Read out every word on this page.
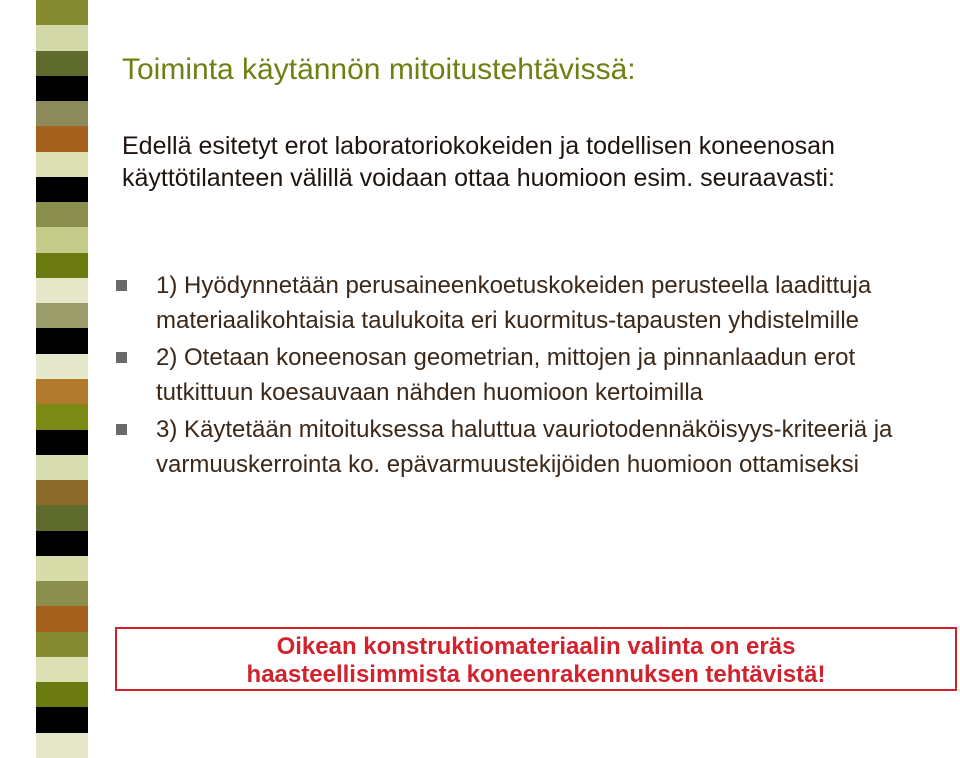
Toiminta käytännön mitoitustehtävissä:

Edellä esitetyt erot laboratoriokokeiden ja todellisen koneenosan käyttötilanteen välillä voidaan ottaa huomioon esim. seuraavasti:

1) Hyödynnetään perusaineenkoetuskokeiden perusteella laadittuja materiaalikohtaisia taulukoita eri kuormitus-tapausten yhdistelmille
2) Otetaan koneenosan geometrian, mittojen ja pinnanlaadun erot tutkittuun koesauvaan nähden huomioon kertoimilla
3) Käytetään mitoituksessa haluttua vauriotodennäköisyys-kriteeriä ja varmuuskerrointa ko. epävarmuustekijöiden huomioon ottamiseksi
Oikean konstruktiomateriaalin valinta on eräs
haasteellisimmista koneenrakennuksen tehtävistä!
